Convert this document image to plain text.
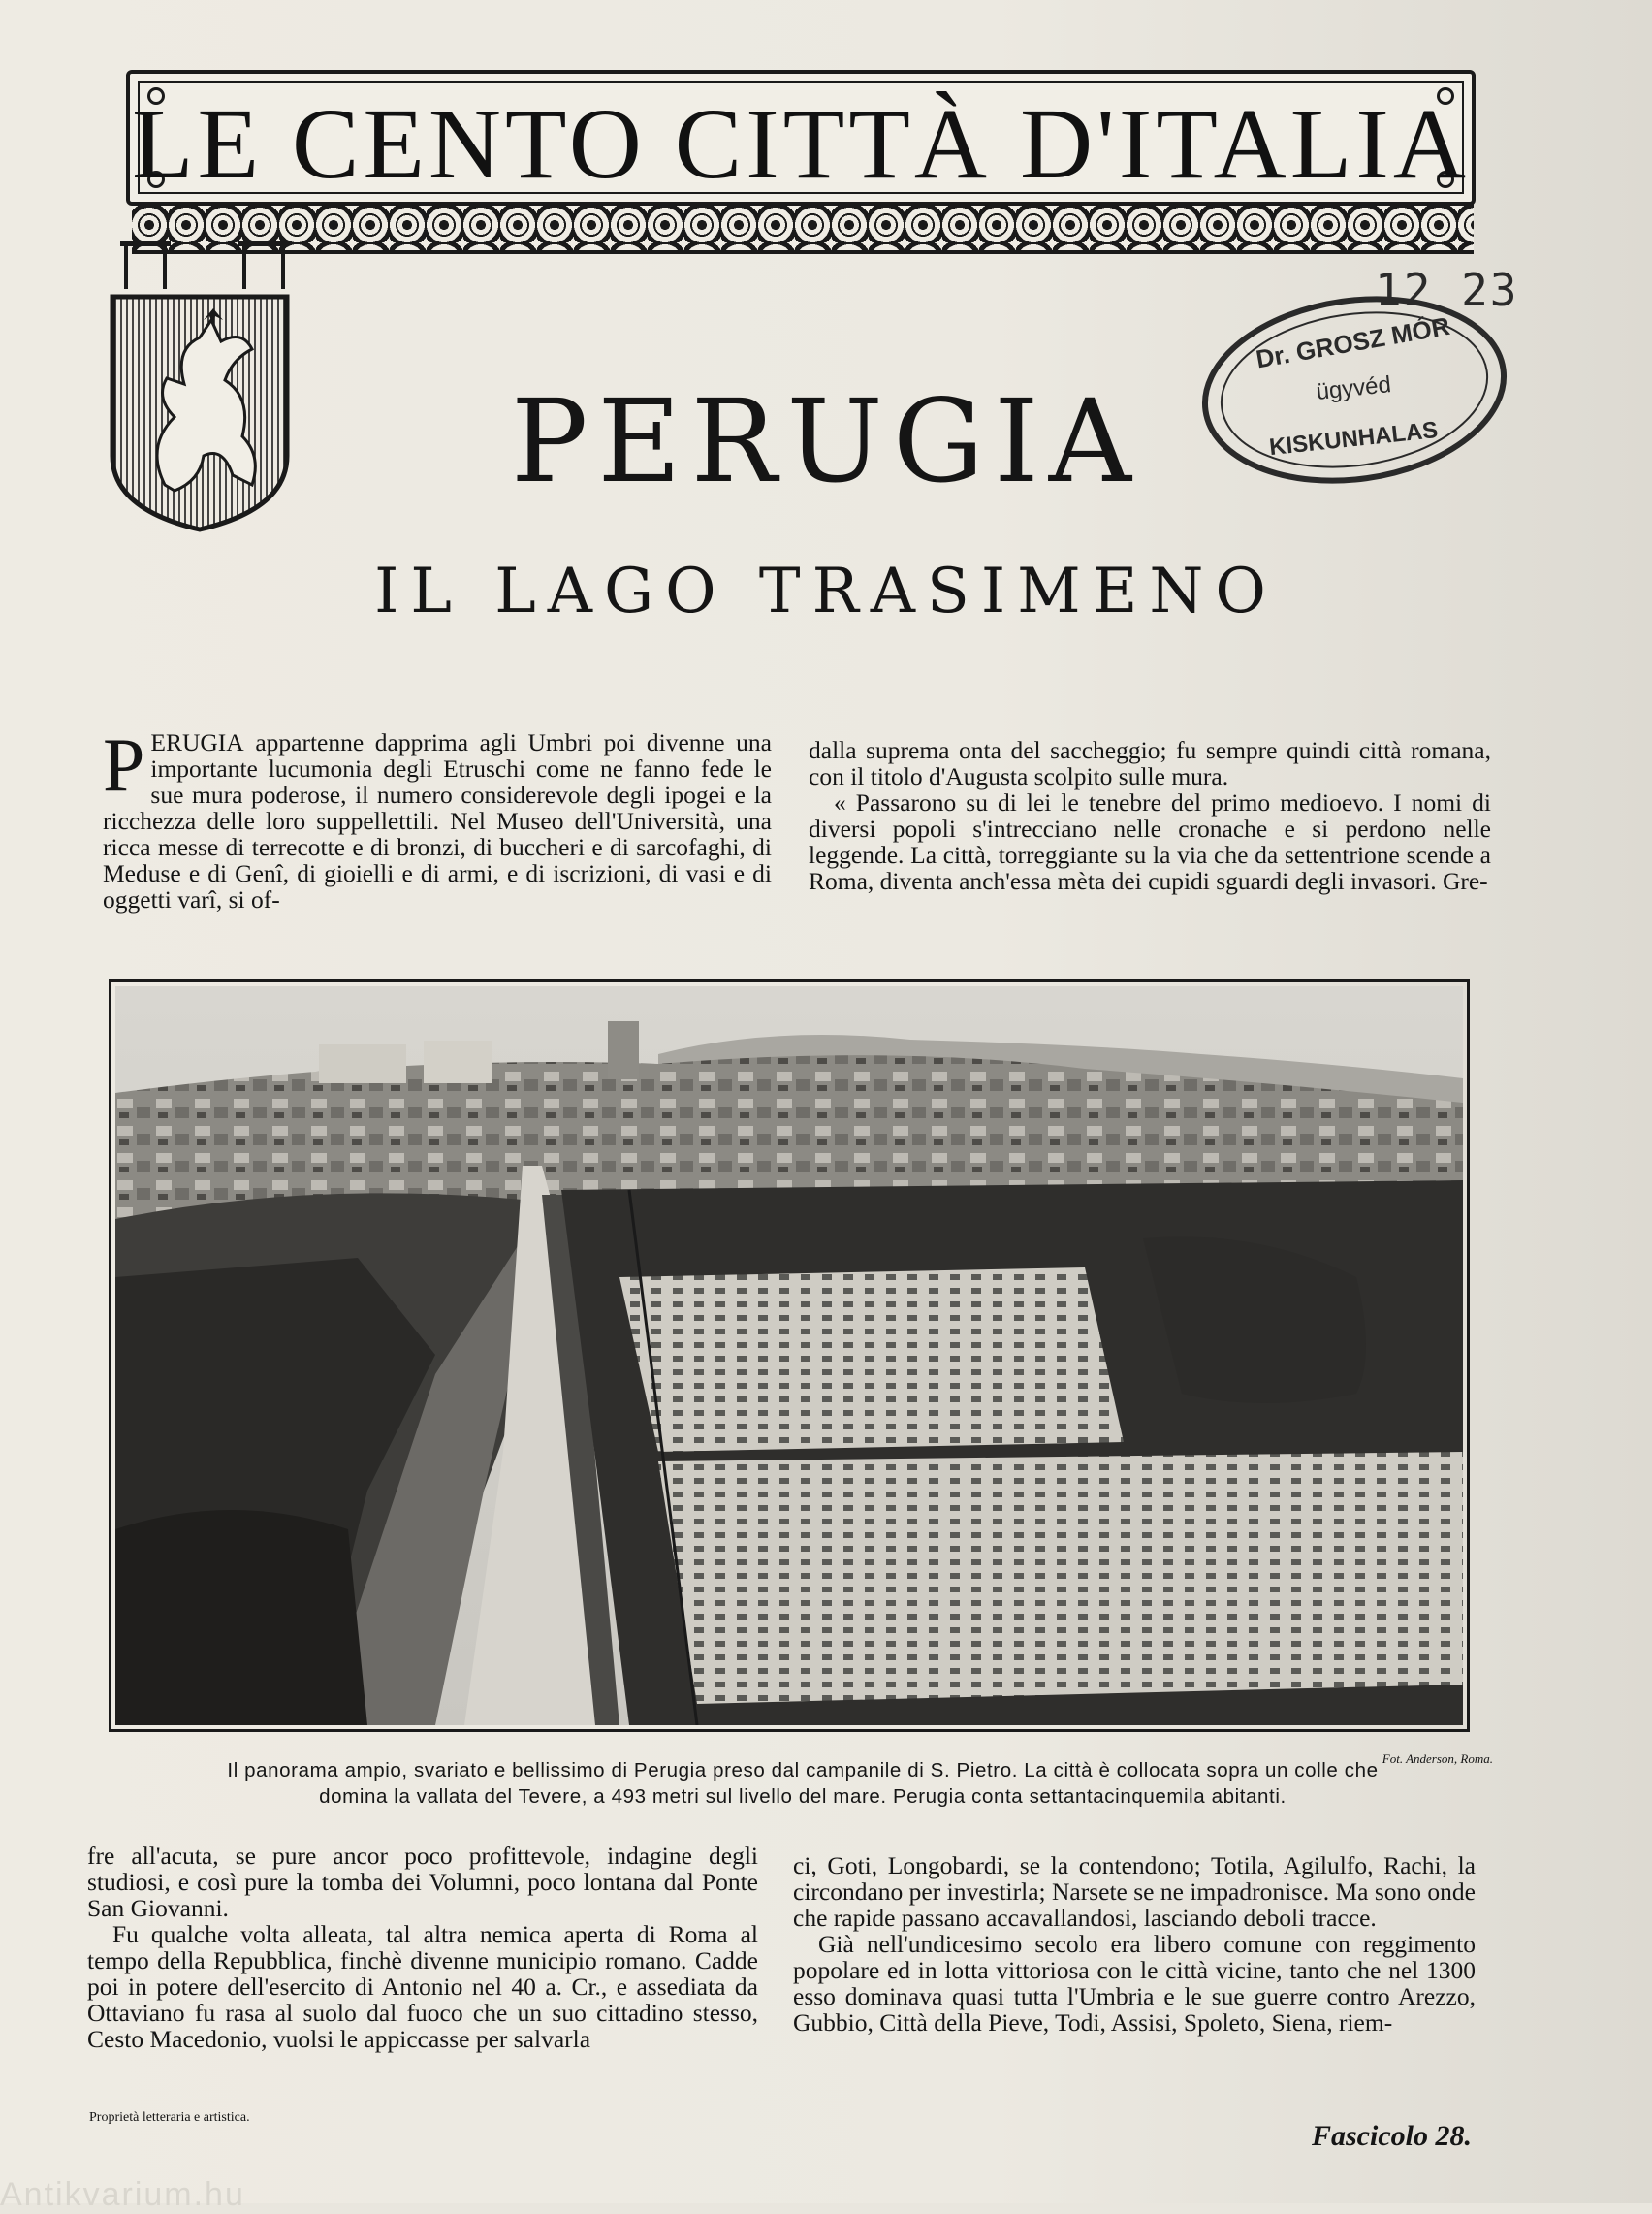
LE CENTO CITTÀ D'ITALIA
12 23
Dr. GROSZ MÓR
ügyvéd
KISKUNHALAS
PERUGIA
IL LAGO TRASIMENO

PERUGIA appartenne dapprima agli Umbri poi divenne una importante lucumonia degli Etruschi come ne fanno fede le sue mura poderose, il numero considerevole degli ipogei e la ricchezza delle loro suppellettili. Nel Museo dell'Università, una ricca messe di terrecotte e di bronzi, di buccheri e di sarcofaghi, di Meduse e di Genî, di gioielli e di armi, e di iscrizioni, di vasi e di oggetti varî, si of-

dalla suprema onta del saccheggio; fu sempre quindi città romana, con il titolo d'Augusta scolpito sulle mura.

« Passarono su di lei le tenebre del primo medioevo. I nomi di diversi popoli s'intrecciano nelle cronache e si perdono nelle leggende. La città, torreggiante su la via che da settentrione scende a Roma, diventa anch'essa mèta dei cupidi sguardi degli invasori. Gre-

Fot. Anderson, Roma.
Il panorama ampio, svariato e bellissimo di Perugia preso dal campanile di S. Pietro. La città è collocata sopra un colle che
domina la vallata del Tevere, a 493 metri sul livello del mare. Perugia conta settantacinquemila abitanti.

fre all'acuta, se pure ancor poco profittevole, indagine degli studiosi, e così pure la tomba dei Volumni, poco lontana dal Ponte San Giovanni.

Fu qualche volta alleata, tal altra nemica aperta di Roma al tempo della Repubblica, finchè divenne municipio romano. Cadde poi in potere dell'esercito di Antonio nel 40 a. Cr., e assediata da Ottaviano fu rasa al suolo dal fuoco che un suo cittadino stesso, Cesto Macedonio, vuolsi le appiccasse per salvarla

ci, Goti, Longobardi, se la contendono; Totila, Agilulfo, Rachi, la circondano per investirla; Narsete se ne impadronisce. Ma sono onde che rapide passano accavallandosi, lasciando deboli tracce.

Già nell'undicesimo secolo era libero comune con reggimento popolare ed in lotta vittoriosa con le città vicine, tanto che nel 1300 esso dominava quasi tutta l'Umbria e le sue guerre contro Arezzo, Gubbio, Città della Pieve, Todi, Assisi, Spoleto, Siena, riem-

Proprietà letteraria e artistica.
Fascicolo 28.
Antikvarium.hu
